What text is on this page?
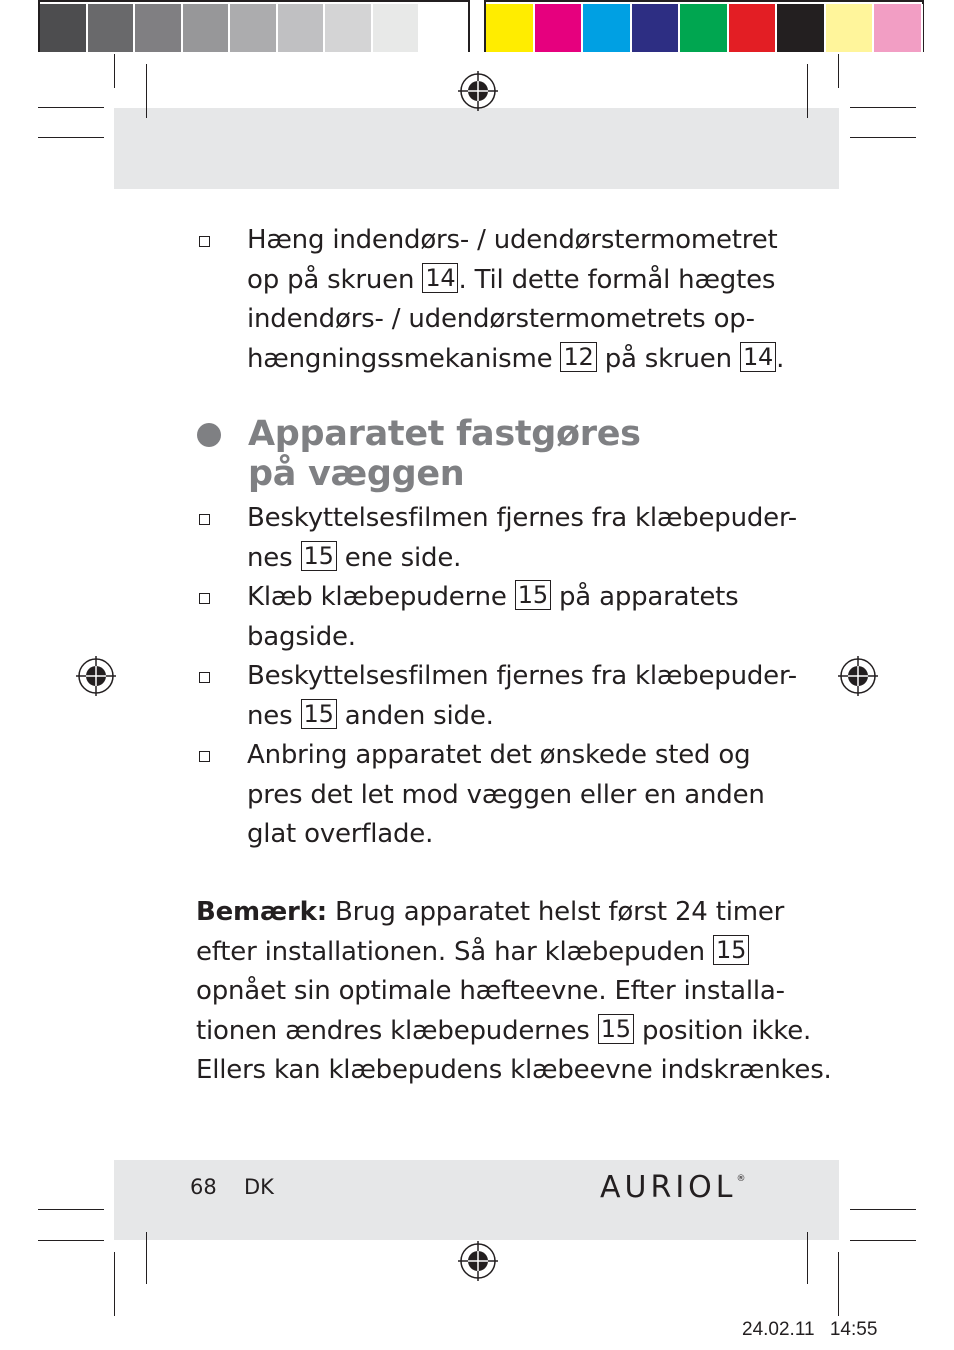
Hæng indendørs- / udendørstermometret
op på skruen 14 . Til dette formål hægtes
indendørs- / udendørstermometrets op-
hængningssmekanisme 12 på skruen 14 .
Apparatet fastgøres
på væggen
Beskyttelsesfilmen fjernes fra klæbepuder-
nes 15 ene side.
Klæb klæbepuderne 15 på apparatets
bagside.
Beskyttelsesfilmen fjernes fra klæbepuder-
nes 15 anden side.
Anbring apparatet det ønskede sted og
pres det let mod væggen eller en anden
glat overflade.
Bemærk: Brug apparatet helst først 24 timer
efter installationen. Så har klæbepuden 15
opnået sin optimale hæfteevne. Efter installa-
tionen ændres klæbepudernes 15 position ikke.
Ellers kan klæbepudens klæbeevne indskrænkes.
68 DK	AURIOL®
24.02.11 14:55
